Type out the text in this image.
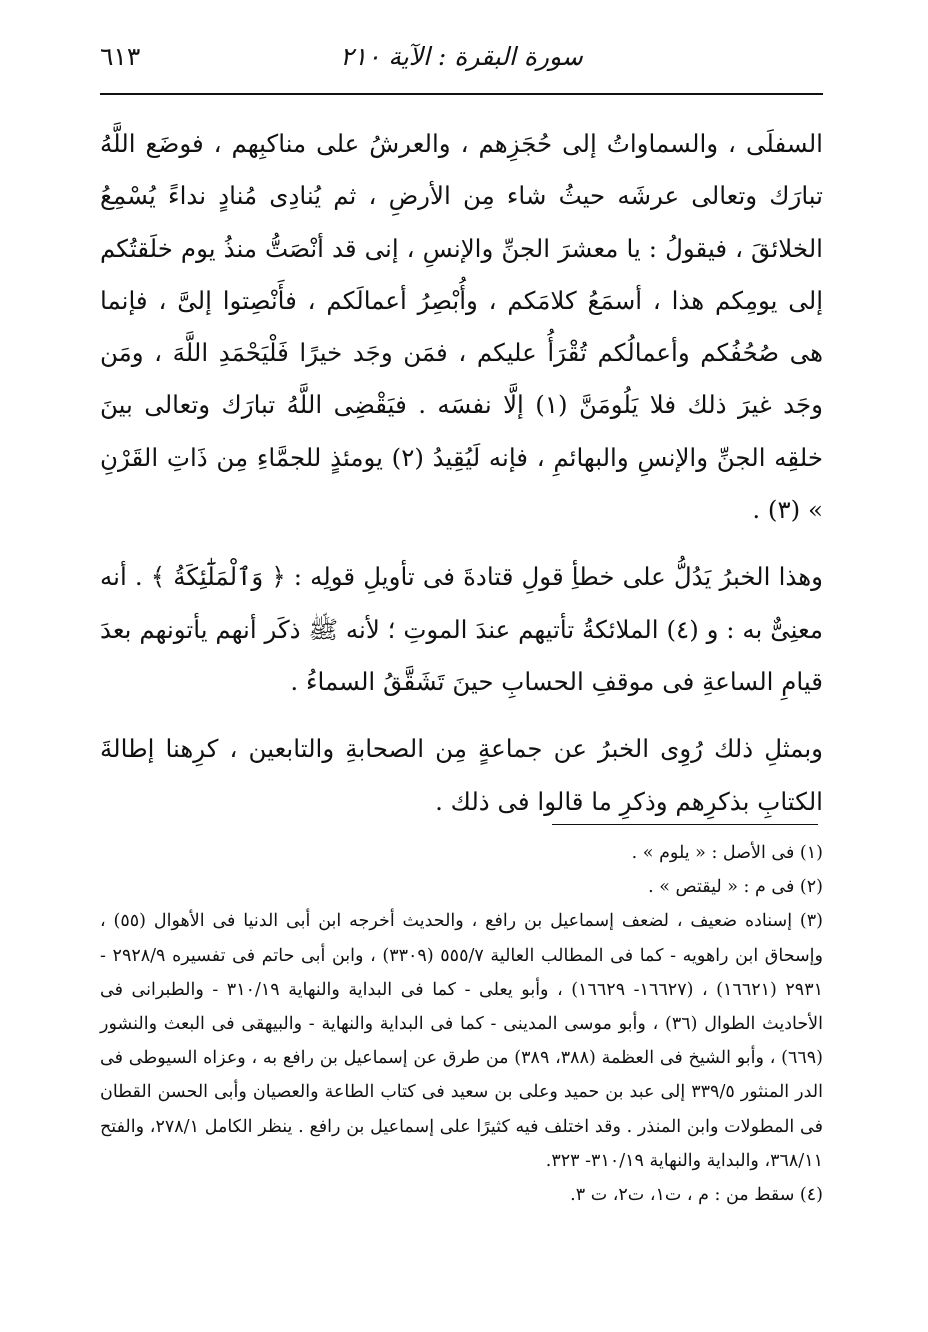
سورة البقرة : الآية ٢١٠
٦١٣

السفلَى ، والسماواتُ إلى حُجَزِهم ، والعرشُ على مناكبِهم ، فوضَع اللَّهُ تبارَك وتعالى عرشَه حيثُ شاء مِن الأرضِ ، ثم يُنادِى مُنادٍ نداءً يُسْمِعُ الخلائقَ ، فيقولُ : يا معشرَ الجنِّ والإنسِ ، إنى قد أنْصَتُّ منذُ يوم خلَقتُكم إلى يومِكم هذا ، أسمَعُ كلامَكم ، وأُبْصِرُ أعمالَكم ، فأَنْصِتوا إلىَّ ، فإنما هى صُحُفُكم وأعمالُكم تُقْرَأُ عليكم ، فمَن وجَد خيرًا فَلْيَحْمَدِ اللَّهَ ، ومَن وجَد غيرَ ذلك فلا يَلُومَنَّ (١) إلَّا نفسَه . فيَقْضِى اللَّهُ تبارَك وتعالى بينَ خلقِه الجنِّ والإنسِ والبهائمِ ، فإنه لَيُقِيدُ (٢) يومئذٍ للجمَّاءِ مِن ذَاتِ القَرْنِ » (٣) .

وهذا الخبرُ يَدُلُّ على خطأِ قولِ قتادةَ فى تأويلِ قولِه : ﴿ وَٱلْمَلَٰٓئِكَةُ ﴾ . أنه معنِىٌّ به : و (٤) الملائكةُ تأتيهم عندَ الموتِ ؛ لأنه ﷺ ذكَر أنهم يأتونهم بعدَ قيامِ الساعةِ فى موقفِ الحسابِ حينَ تَشَقَّقُ السماءُ .

وبمثلِ ذلك رُوِى الخبرُ عن جماعةٍ مِن الصحابةِ والتابعين ، كرِهنا إطالةَ الكتابِ بذكرِهم وذكرِ ما قالوا فى ذلك .

(١) فى الأصل : « يلوم » .

(٢) فى م : « ليقتص » .

(٣) إسناده ضعيف ، لضعف إسماعيل بن رافع ، والحديث أخرجه ابن أبى الدنيا فى الأهوال (٥٥) ، وإسحاق ابن راهويه - كما فى المطالب العالية ٥٥٥/٧ (٣٣٠٩) ، وابن أبى حاتم فى تفسيره ٢٩٢٨/٩ - ٢٩٣١ (١٦٦٢١) ، (١٦٦٢٧- ١٦٦٢٩) ، وأبو يعلى - كما فى البداية والنهاية ٣١٠/١٩ - والطبرانى فى الأحاديث الطوال (٣٦) ، وأبو موسى المدينى - كما فى البداية والنهاية - والبيهقى فى البعث والنشور (٦٦٩) ، وأبو الشيخ فى العظمة (٣٨٨، ٣٨٩) من طرق عن إسماعيل بن رافع به ، وعزاه السيوطى فى الدر المنثور ٣٣٩/٥ إلى عبد بن حميد وعلى بن سعيد فى كتاب الطاعة والعصيان وأبى الحسن القطان فى المطولات وابن المنذر . وقد اختلف فيه كثيرًا على إسماعيل بن رافع . ينظر الكامل ٢٧٨/١، والفتح ٣٦٨/١١، والبداية والنهاية ٣١٠/١٩- ٣٢٣.

(٤) سقط من : م ، ت١، ت٢، ت ٣.
